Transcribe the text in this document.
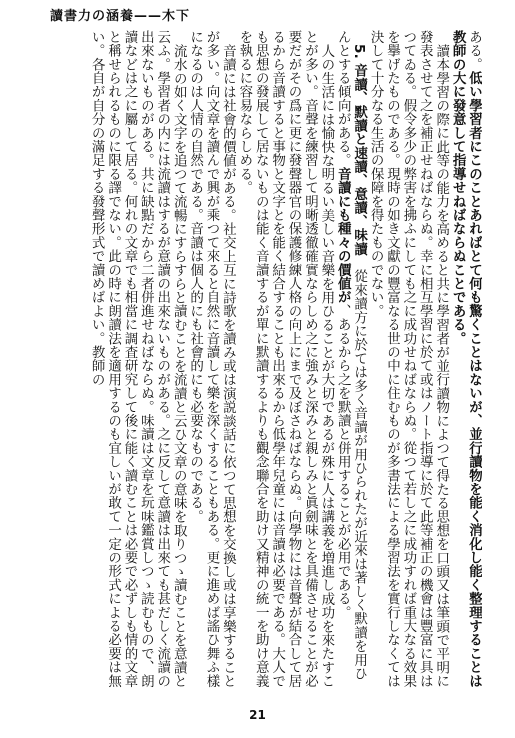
讀書力の涵養——木下

ある。低い學習者にこのことあればとて何も驚くことはないが、並行讀物を能く消化し能く整理することは教師の大に發意して指導せねばならぬことである。

讀本學習の際に此等の能力を高めると共に學習者が並行讀物によつて得たる思想を口頭又は筆頭で平明に發表させて之を補正せねばならぬ。幸に相互學習に於て或はノート指導に於て此等補正の機會は豐富に具はつてゐる。假令多少の弊害を拂ふにしても之に成功せねばならぬ。從つて若し之に成功すれば重大なる效果を擧げたものである。現時の如き文獻の豐富なる世の中に住むものが多書法による學習法を實行しなくては決して十分なる生活の保障を得たものでない。

5. 音讀、默讀と速讀、意讀、味讀　從來讀方に於ては多く音讀が用ひられたが近來は著しく默讀を用ひんとする傾向がある。音讀にも種々の價値が、あるから之を默讀と併用することが必用である。

人の生活には愉快な明るい美しい音樂を用ひることが大切であるが殊に人は講義を増進し成功を來たすことが多い。音聲を練習して明晰透徹確實ならしめ之に強みと深みと親しみと眞劍味とを具備させることが必要だがその爲に更に發聲器官の保護修練人格の向上にまで及ぼさねばならぬ。向學物には音聲が結合して居るから音讀すると事物と文字とを能く結合することも出來るから低學年兒童には音讀は必要である。大人でも思想の發展して居ないものは能く音讀するが單に默讀するよりも觀念聯合を助け又精神の統一を助け意義を執るに容易ならしめる。

音讀には社會的價値がある。社交上互に詩歌を讀み或は演説談話に依つて思想を交換し或は享樂することが多い。向文章を讀んで興が乘つて來ると自然に音讀して樂を深くすることもある。更に進めば謠ひ舞ふ樣になるのは人情の自然である。音讀は個人的にも社會的にも必要なものである。

流水の如く文字を追つて流暢にすらすらと讀むことを流讀と云ひ文章の意味を取りつゝ讀むことを意讀と云ふ。學習者の内には流讀はするが意讀の出來ないものがある。之に反して意讀は出來ても甚だしく流讀の出來ないものがある。共に缺點だから二者併進せねばならぬ。味讀は文章を玩味鑑賞しつゝ読むもので、朗讀などは之に屬して居る。何れの文章でも相當に調査研究して後に能く讀むことは必要で必ずしも情的文章と稱せられるものに限る譯でない。此の時に朗讀法を適用するのも宜しいが敢て一定の形式による必要は無い。各自が自分の滿足する發聲形式で讀めばよい。教師の

21
